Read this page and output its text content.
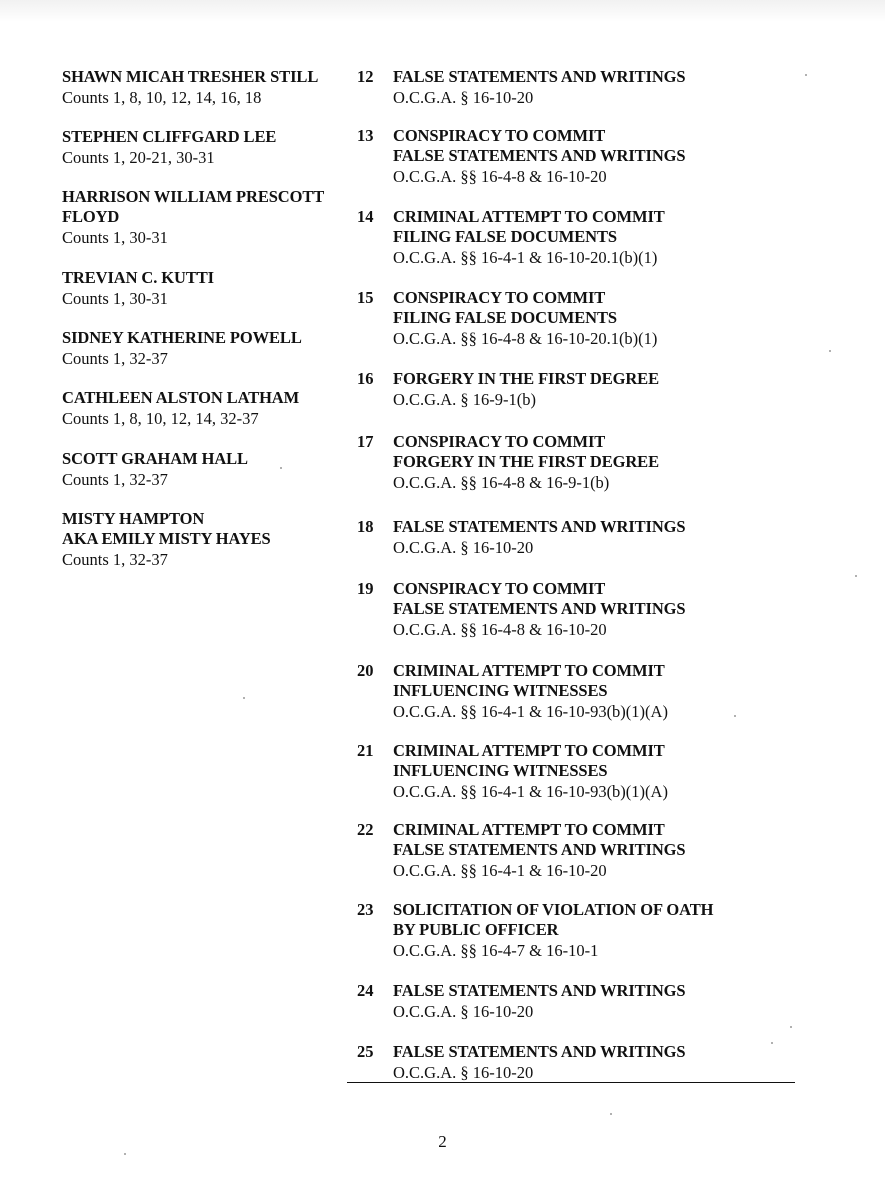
SHAWN MICAH TRESHER STILL
Counts 1, 8, 10, 12, 14, 16, 18
STEPHEN CLIFFGARD LEE
Counts 1, 20-21, 30-31
HARRISON WILLIAM PRESCOTT
FLOYD
Counts 1, 30-31
TREVIAN C. KUTTI
Counts 1, 30-31
SIDNEY KATHERINE POWELL
Counts 1, 32-37
CATHLEEN ALSTON LATHAM
Counts 1, 8, 10, 12, 14, 32-37
SCOTT GRAHAM HALL
Counts 1, 32-37
MISTY HAMPTON
AKA EMILY MISTY HAYES
Counts 1, 32-37
12	FALSE STATEMENTS AND WRITINGS
O.C.G.A. § 16-10-20
13	CONSPIRACY TO COMMIT
FALSE STATEMENTS AND WRITINGS
O.C.G.A. §§ 16-4-8 & 16-10-20
14	CRIMINAL ATTEMPT TO COMMIT
FILING FALSE DOCUMENTS
O.C.G.A. §§ 16-4-1 & 16-10-20.1(b)(1)
15	CONSPIRACY TO COMMIT
FILING FALSE DOCUMENTS
O.C.G.A. §§ 16-4-8 & 16-10-20.1(b)(1)
16	FORGERY IN THE FIRST DEGREE
O.C.G.A. § 16-9-1(b)
17	CONSPIRACY TO COMMIT
FORGERY IN THE FIRST DEGREE
O.C.G.A. §§ 16-4-8 & 16-9-1(b)
18	FALSE STATEMENTS AND WRITINGS
O.C.G.A. § 16-10-20
19	CONSPIRACY TO COMMIT
FALSE STATEMENTS AND WRITINGS
O.C.G.A. §§ 16-4-8 & 16-10-20
20	CRIMINAL ATTEMPT TO COMMIT
INFLUENCING WITNESSES
O.C.G.A. §§ 16-4-1 & 16-10-93(b)(1)(A)
21	CRIMINAL ATTEMPT TO COMMIT
INFLUENCING WITNESSES
O.C.G.A. §§ 16-4-1 & 16-10-93(b)(1)(A)
22	CRIMINAL ATTEMPT TO COMMIT
FALSE STATEMENTS AND WRITINGS
O.C.G.A. §§ 16-4-1 & 16-10-20
23	SOLICITATION OF VIOLATION OF OATH
BY PUBLIC OFFICER
O.C.G.A. §§ 16-4-7 & 16-10-1
24	FALSE STATEMENTS AND WRITINGS
O.C.G.A. § 16-10-20
25	FALSE STATEMENTS AND WRITINGS
O.C.G.A. § 16-10-20
2
